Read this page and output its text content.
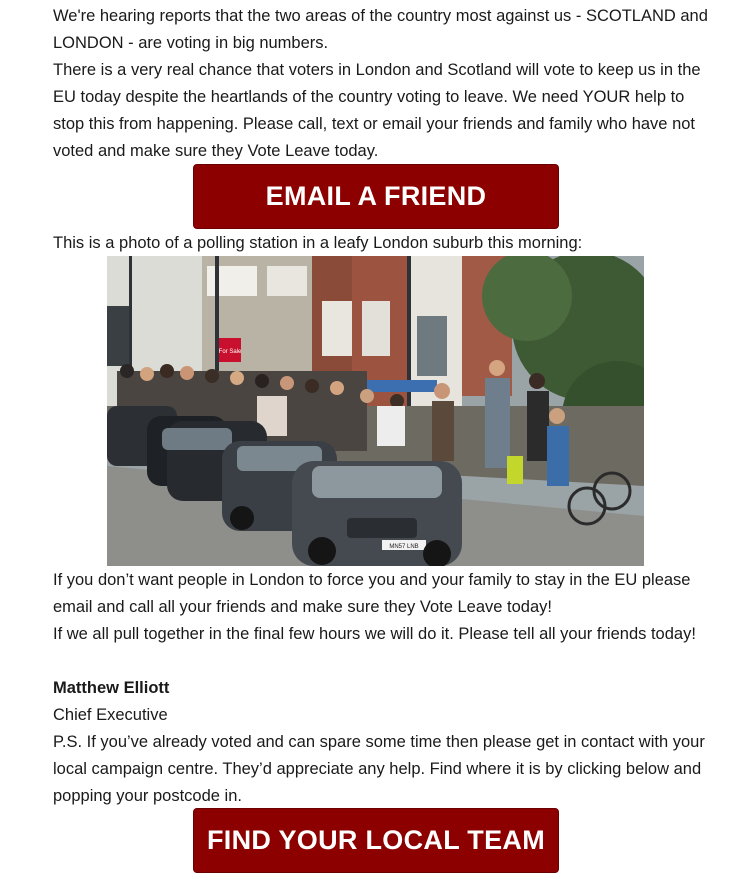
We're hearing reports that the two areas of the country most against us - SCOTLAND and LONDON - are voting in big numbers.

There is a very real chance that voters in London and Scotland will vote to keep us in the EU today despite the heartlands of the country voting to leave. We need YOUR help to stop this from happening. Please call, text or email your friends and family who have not voted and make sure they Vote Leave today.

EMAIL A FRIEND

This is a photo of a polling station in a leafy London suburb this morning:

For Sale
MN57 LNB

If you don’t want people in London to force you and your family to stay in the EU please email and call all your friends and make sure they Vote Leave today!

If we all pull together in the final few hours we will do it. Please tell all your friends today!

Matthew Elliott
Chief Executive

P.S. If you’ve already voted and can spare some time then please get in contact with your local campaign centre. They’d appreciate any help. Find where it is by clicking below and popping your postcode in.

FIND YOUR LOCAL TEAM
